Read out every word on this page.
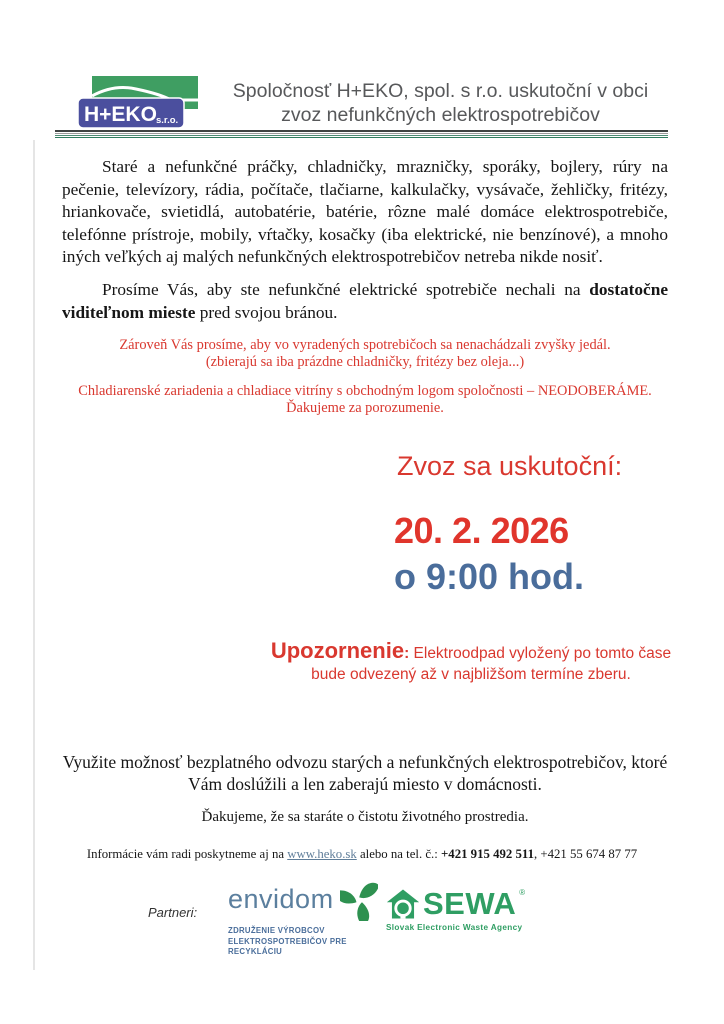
H+EKO s.r.o.
Spoločnosť H+EKO, spol. s r.o. uskutoční v obci
zvoz nefunkčných elektrospotrebičov
Staré a nefunkčné práčky, chladničky, mrazničky, sporáky, bojlery, rúry na pečenie, televízory, rádia, počítače, tlačiarne, kalkulačky, vysávače, žehličky, fritézy, hriankovače, svietidlá, autobatérie, batérie, rôzne malé domáce elektrospotrebiče, telefónne prístroje, mobily, vŕtačky, kosačky (iba elektrické, nie benzínové), a mnoho iných veľkých aj malých nefunkčných elektrospotrebičov netreba nikde nosiť.
Prosíme Vás, aby ste nefunkčné elektrické spotrebiče nechali na dostatočne viditeľnom mieste pred svojou bránou.
Zároveň Vás prosíme, aby vo vyradených spotrebičoch sa nenachádzali zvyšky jedál.
(zbierajú sa iba prázdne chladničky, fritézy bez oleja...)
Chladiarenské zariadenia a chladiace vitríny s obchodným logom spoločnosti – NEODOBERÁME.
Ďakujeme za porozumenie.
Zvoz sa uskutoční:
20. 2. 2026
o 9:00 hod.
Upozornenie: Elektroodpad vyložený po tomto čase
bude odvezený až v najbližšom termíne zberu.
Využite možnosť bezplatného odvozu starých a nefunkčných elektrospotrebičov, ktoré
Vám doslúžili a len zaberajú miesto v domácnosti.
Ďakujeme, že sa staráte o čistotu životného prostredia.
Informácie vám radi poskytneme aj na www.heko.sk alebo na tel. č.: +421 915 492 511, +421 55 674 87 77
Partneri: envidom
ZDRUŽENIE VÝROBCOV
ELEKTROSPOTREBIČOV PRE RECYKLÁCIU
SEWA ®
Slovak Electronic Waste Agency
